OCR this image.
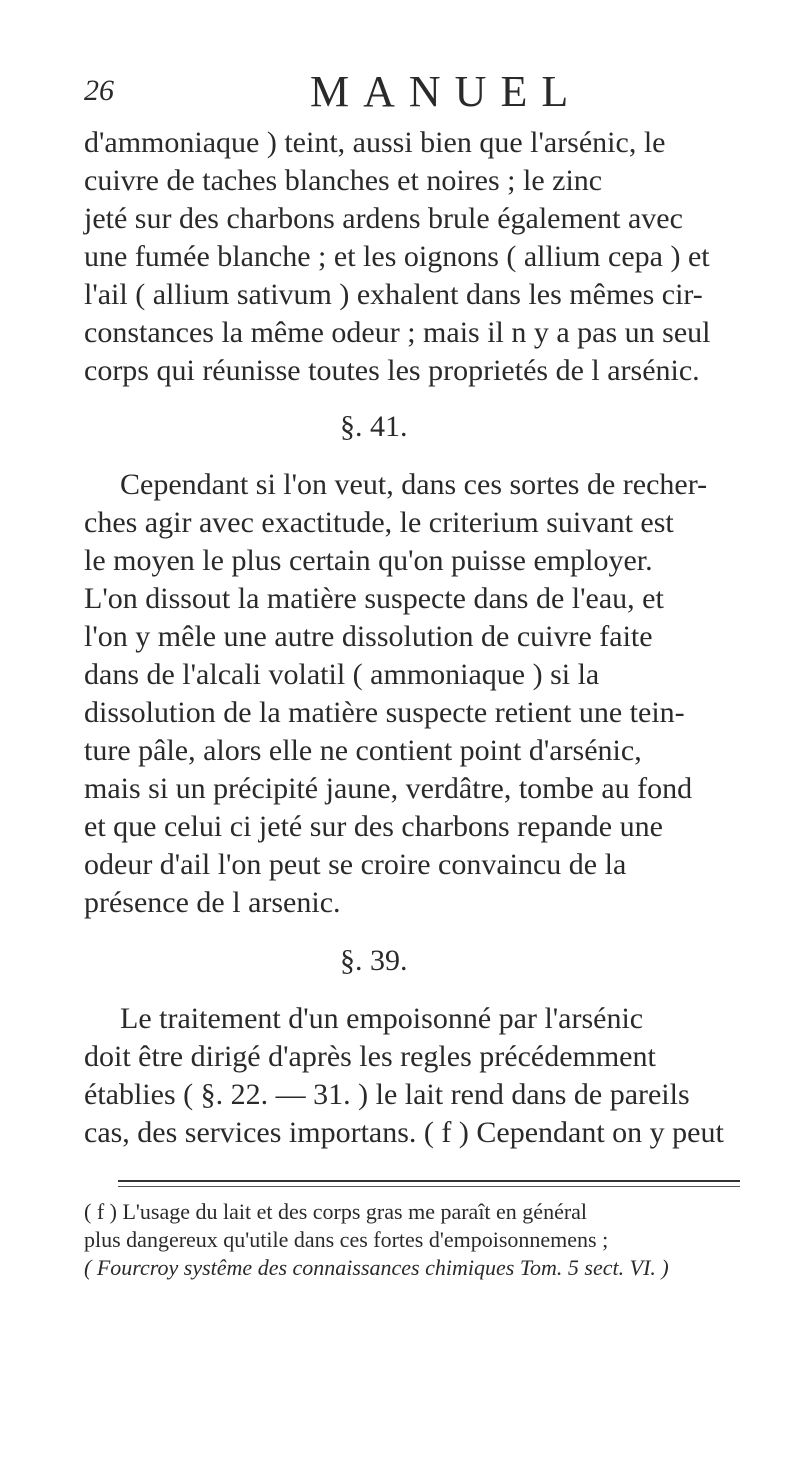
26	MANUEL
d'ammoniaque ) teint, aussi bien que l'arsénic, le
cuivre de taches blanches et noires ; le zinc
jeté sur des charbons ardens brule également avec
une fumée blanche ; et les oignons ( allium cepa ) et
l'ail ( allium sativum ) exhalent dans les mêmes cir-
constances la même odeur ; mais il n y a pas un seul
corps qui réunisse toutes les proprietés de l arsénic.
§. 41.
Cependant si l'on veut, dans ces sortes de recher-
ches agir avec exactitude, le criterium suivant est
le moyen le plus certain qu'on puisse employer.
L'on dissout la matière suspecte dans de l'eau, et
l'on y mêle une autre dissolution de cuivre faite
dans de l'alcali volatil ( ammoniaque ) si la
dissolution de la matière suspecte retient une tein-
ture pâle, alors elle ne contient point d'arsénic,
mais si un précipité jaune, verdâtre, tombe au fond
et que celui ci jeté sur des charbons repande une
odeur d'ail l'on peut se croire convaincu de la
présence de l arsenic.
§. 39.
Le traitement d'un empoisonné par l'arsénic
doit être dirigé d'après les regles précédemment
établies ( §. 22. — 31. ) le lait rend dans de pareils
cas, des services importans. ( f ) Cependant on y peut
( f ) L'usage du lait et des corps gras me paraît en général
plus dangereux qu'utile dans ces fortes d'empoisonnemens ;
( Fourcroy systême des connaissances chimiques Tom. 5 sect. VI. )
